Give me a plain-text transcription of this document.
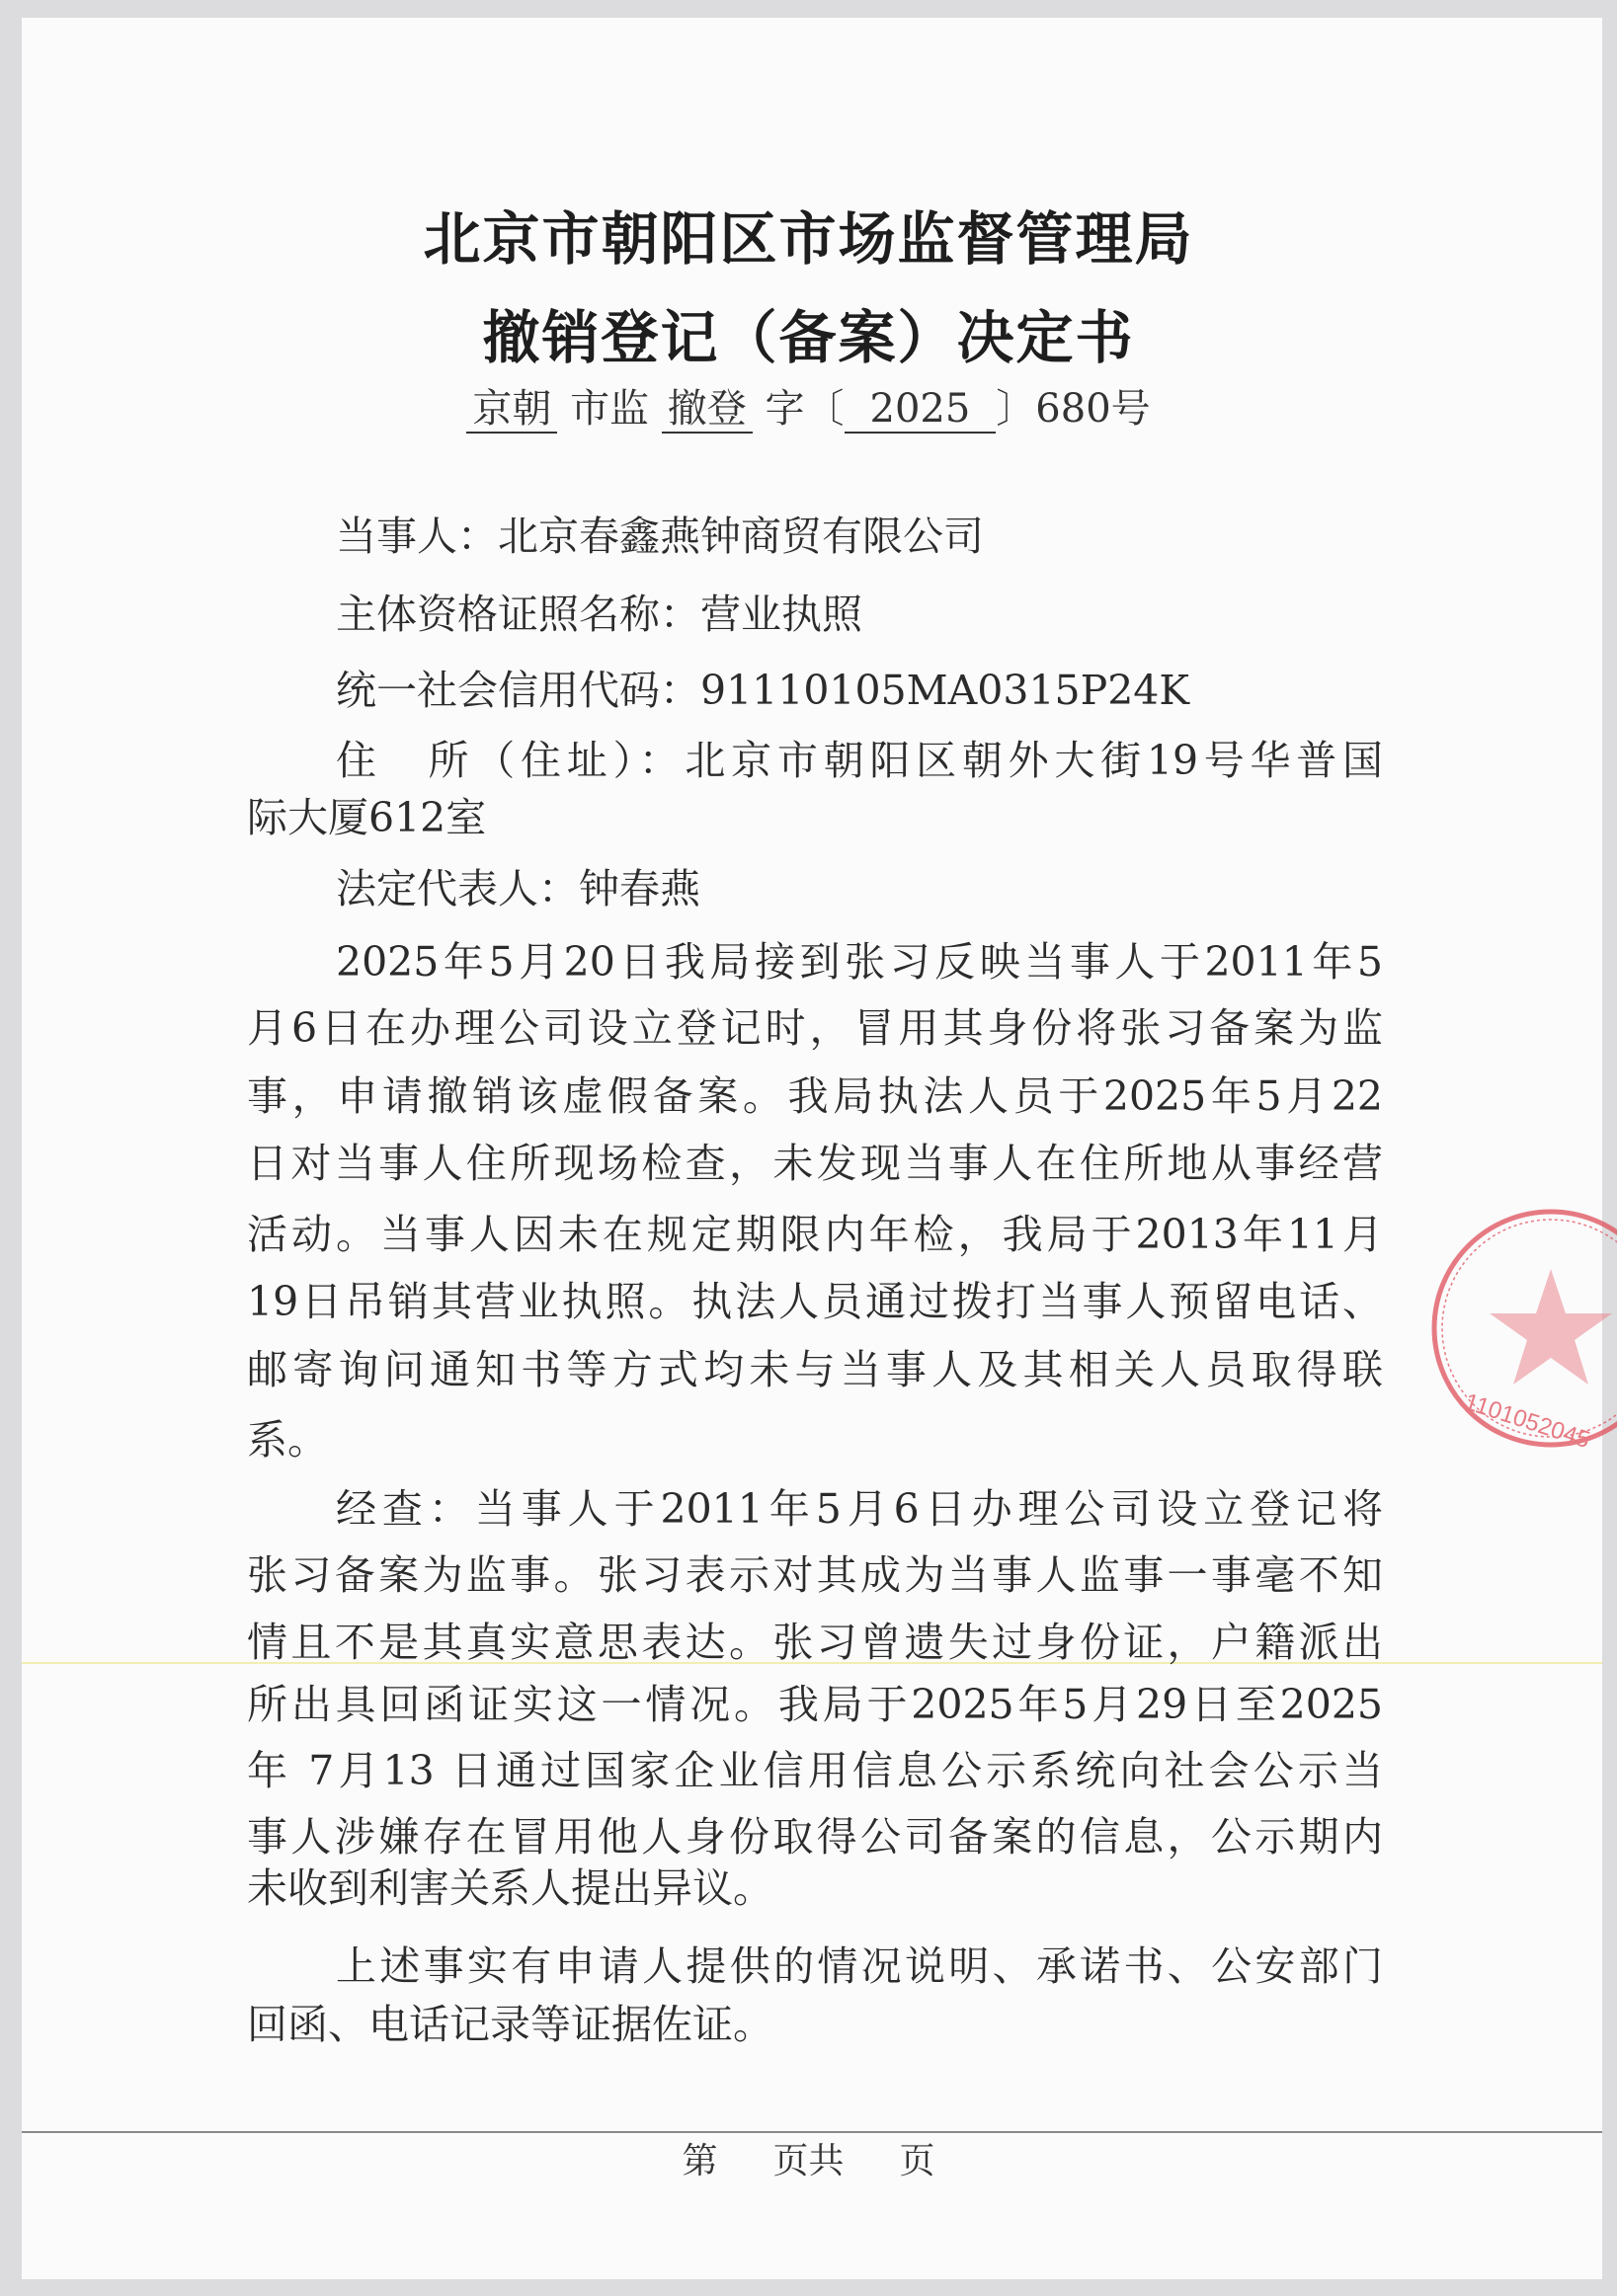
北京市朝阳区市场监督管理局
撤销登记（备案）决定书
京朝 市监 撤登 字〔 2025 〕680号
当事人：北京春鑫燕钟商贸有限公司
主体资格证照名称：营业执照
统一社会信用代码：91110105MA0315P24K
住　所（住址）：北京市朝阳区朝外大街19号华普国
际大厦612室
法定代表人：钟春燕
2025年5月20日我局接到张习反映当事人于2011年5
月6日在办理公司设立登记时，冒用其身份将张习备案为监
事，申请撤销该虚假备案。我局执法人员于2025年5月22
日对当事人住所现场检查，未发现当事人在住所地从事经营
活动。当事人因未在规定期限内年检，我局于2013年11月
19日吊销其营业执照。执法人员通过拨打当事人预留电话、
邮寄询问通知书等方式均未与当事人及其相关人员取得联
系。
经查：当事人于2011年5月6日办理公司设立登记将
张习备案为监事。张习表示对其成为当事人监事一事毫不知
情且不是其真实意思表达。张习曾遗失过身份证，户籍派出
所出具回函证实这一情况。我局于2025年5月29日至2025
年 7月13 日通过国家企业信用信息公示系统向社会公示当
事人涉嫌存在冒用他人身份取得公司备案的信息，公示期内
未收到利害关系人提出异议。
上述事实有申请人提供的情况说明、承诺书、公安部门
回函、电话记录等证据佐证。
1101052045
第 页共 页
